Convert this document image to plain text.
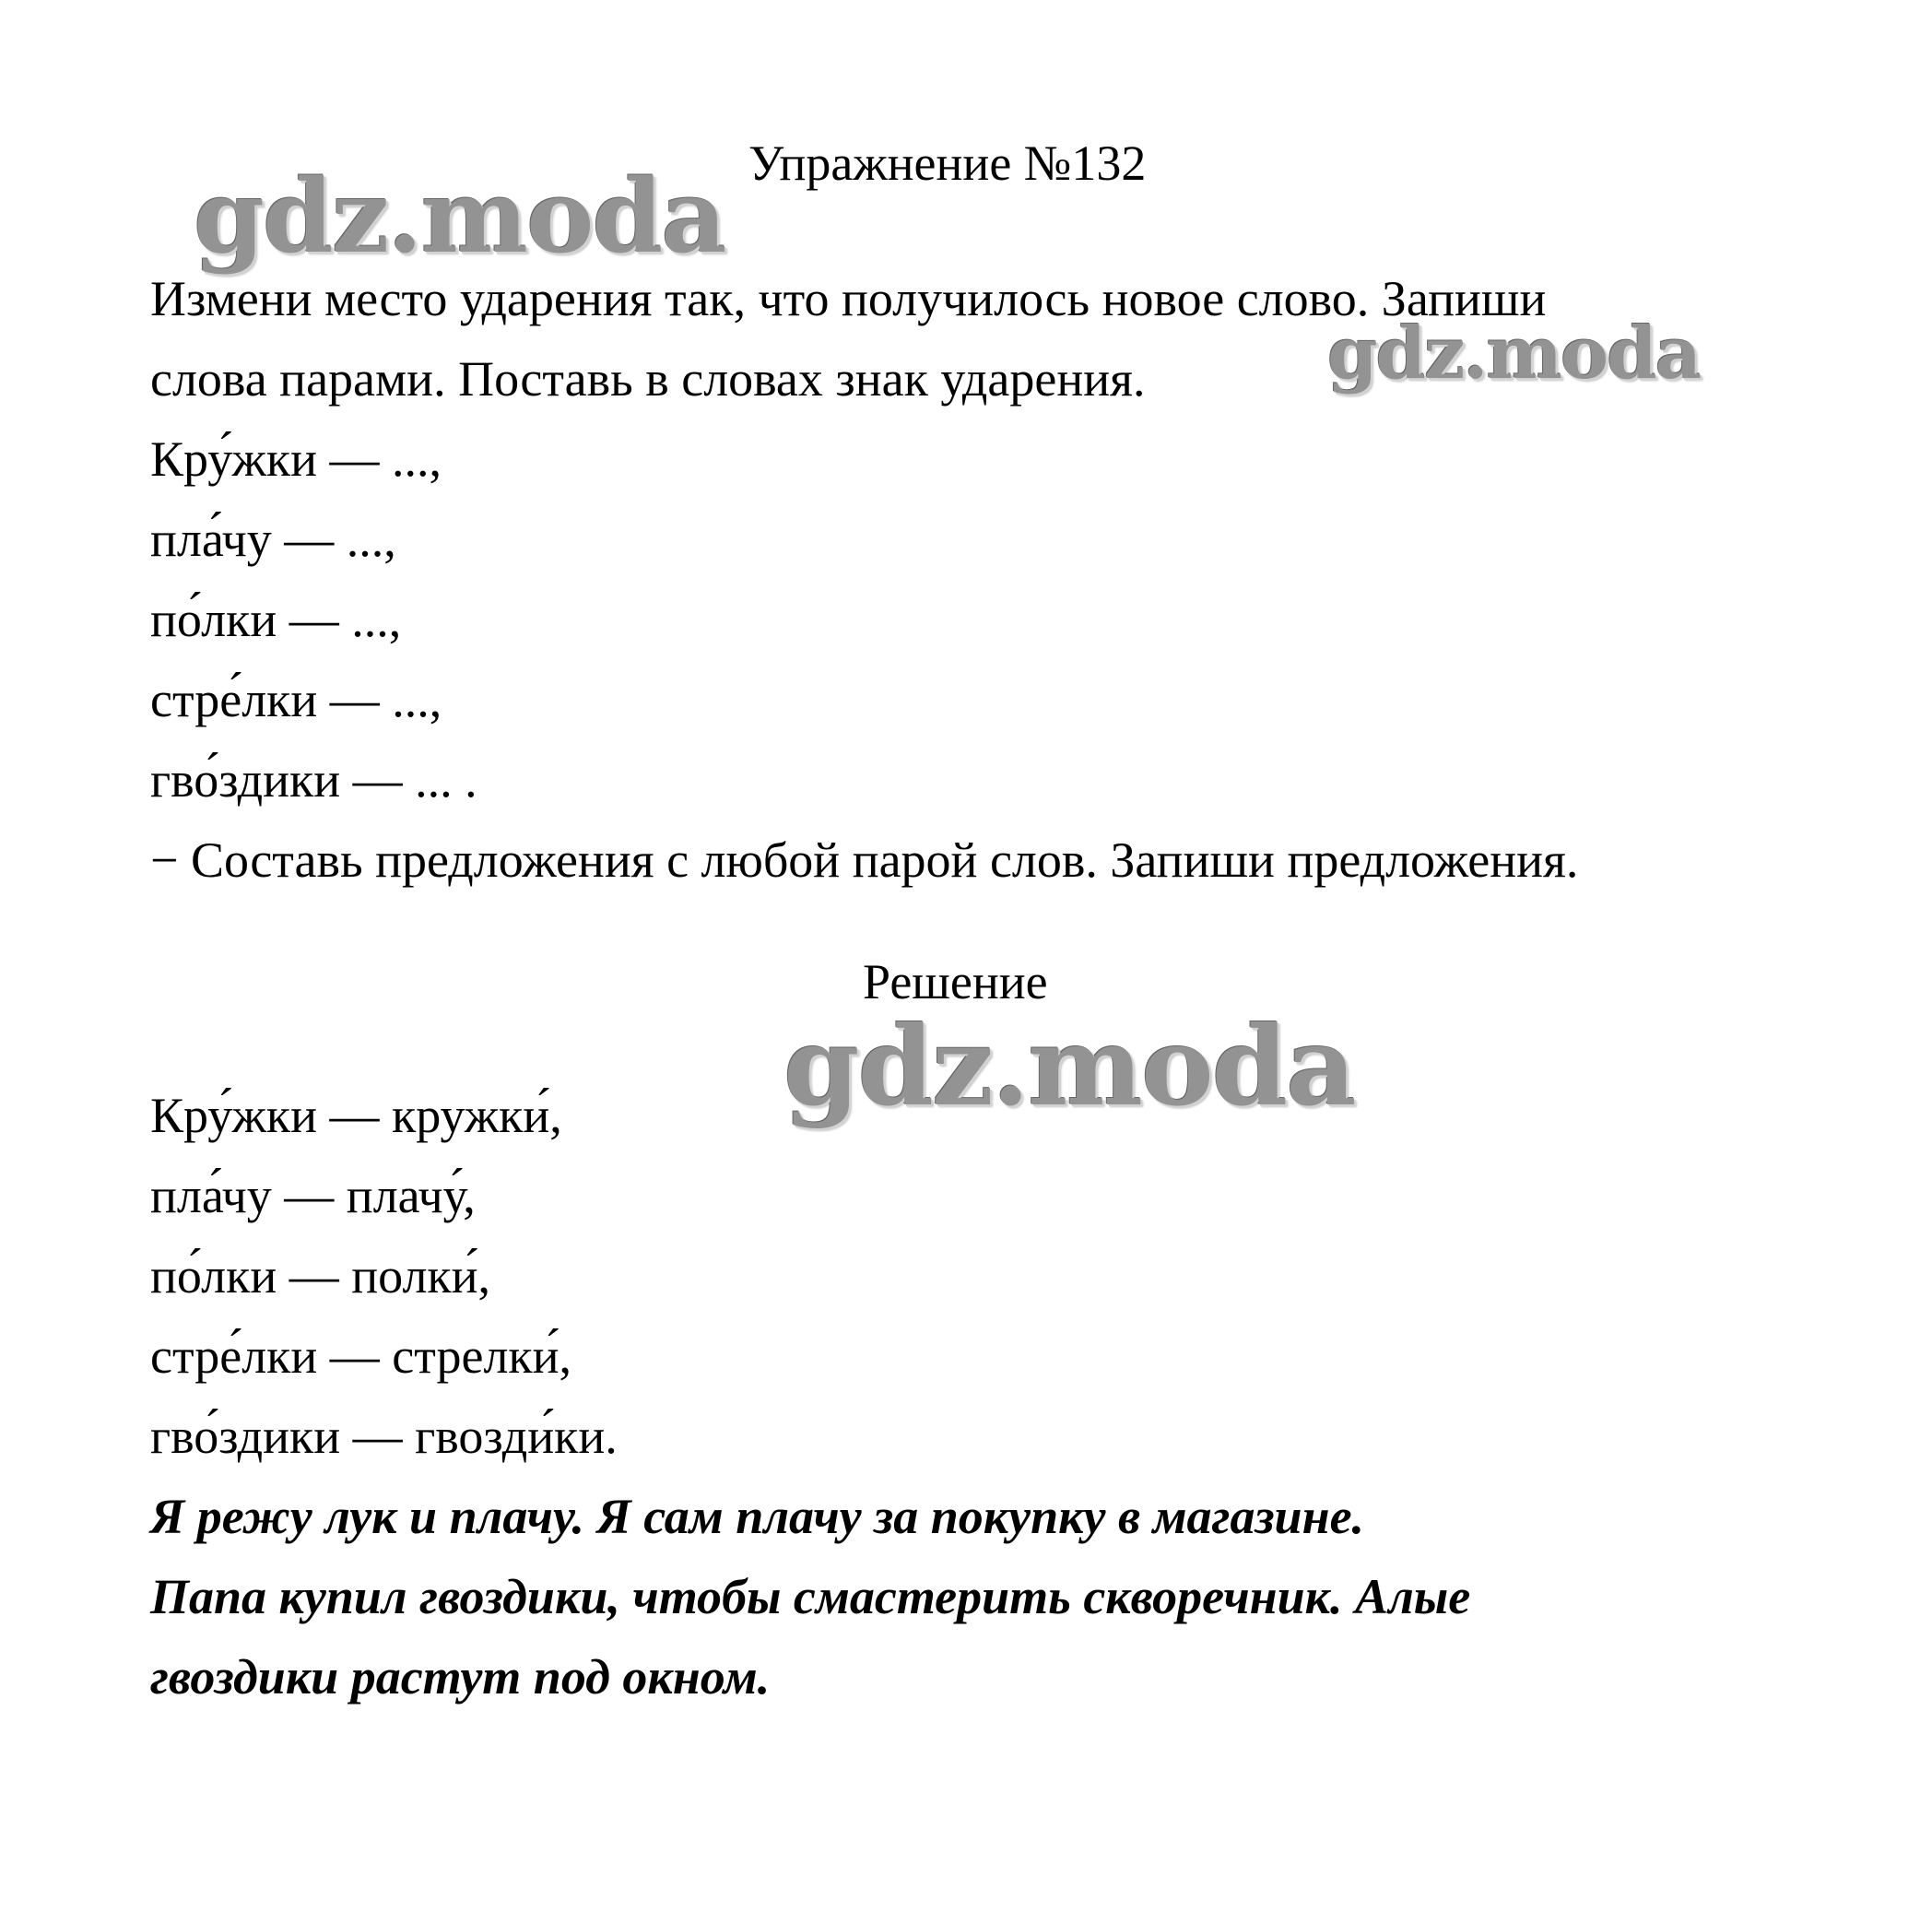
gdz.moda
gdz.moda
gdz.moda
Упражнение №132
Измени место ударения так, что получилось новое слово. Запиши
слова парами. Поставь в словах знак ударения.
Кру́жки — ...,
пла́чу — ...,
по́лки — ...,
стре́лки — ...,
гво́здики — ... .
− Составь предложения с любой парой слов. Запиши предложения.
Решение
Кру́жки — кружки́,
пла́чу — плачу́,
по́лки — полки́,
стре́лки — стрелки́,
гво́здики — гвозди́ки.
Я режу лук и плачу. Я сам плачу за покупку в магазине.
Папа купил гвоздики, чтобы смастерить скворечник. Алые
гвоздики растут под окном.
